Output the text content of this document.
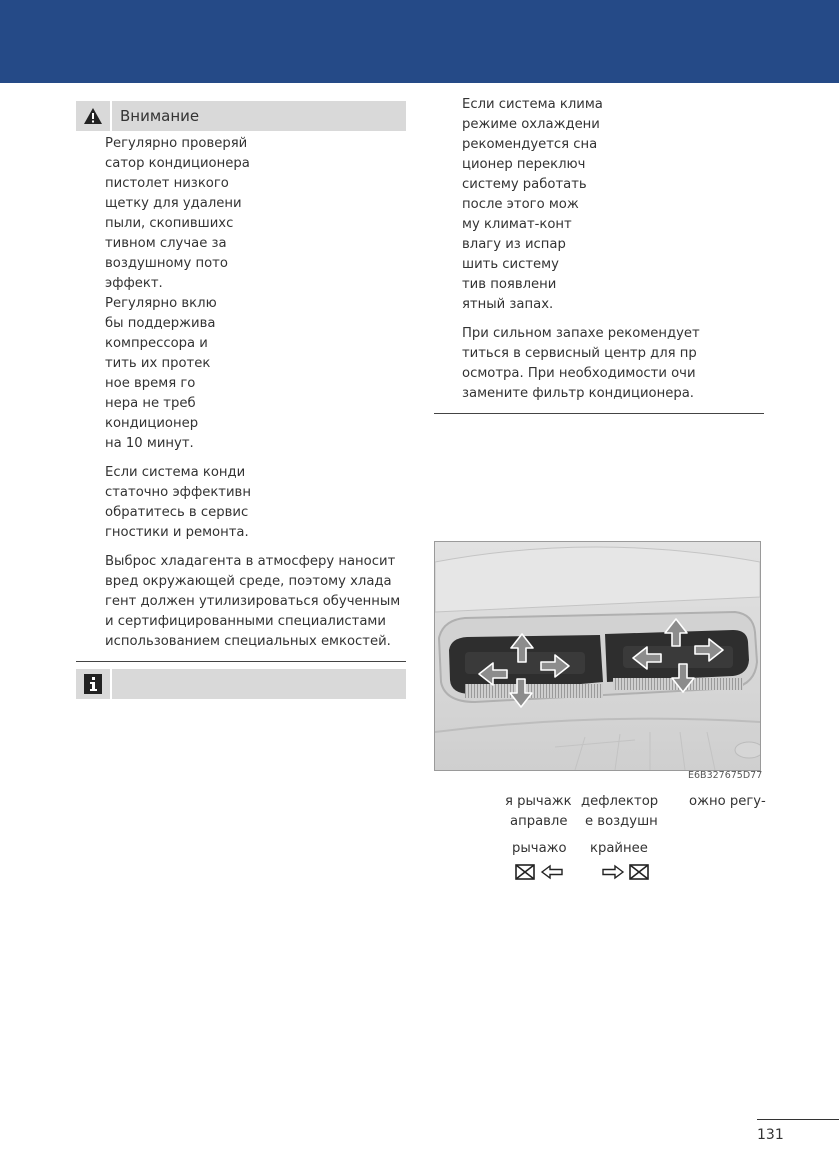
Внимание

Регулярно проверяй
сатор кондиционера
пистолет низкого
щетку для удалени
пыли, скопившихс
тивном случае за
воздушному пото
эффект.
Регулярно вклю
бы поддержива
компрессора и
тить их протек
ное время го
нера не треб
кондиционер
на 10 минут.

Если система конди
статочно эффективн
обратитесь в сервис
гностики и ремонта.

Выброс хладагента в атмосферу наносит
вред окружающей среде, поэтому хлада
гент должен утилизироваться обученным
и сертифицированными специалистами
использованием специальных емкостей.

Если система клима
режиме охлаждени
рекомендуется сна
ционер переключ
систему работать
после этого мож
му климат-конт
влагу из испар
шить систему
тив появлени
ятный запах.

При сильном запахе рекомендует
титься в сервисный центр для пр
осмотра. При необходимости очи
замените фильтр кондиционера.

E6B327675D77
я рычажк дефлектор ожно регу-
аправле е воздушн
рычажо крайнее
131
